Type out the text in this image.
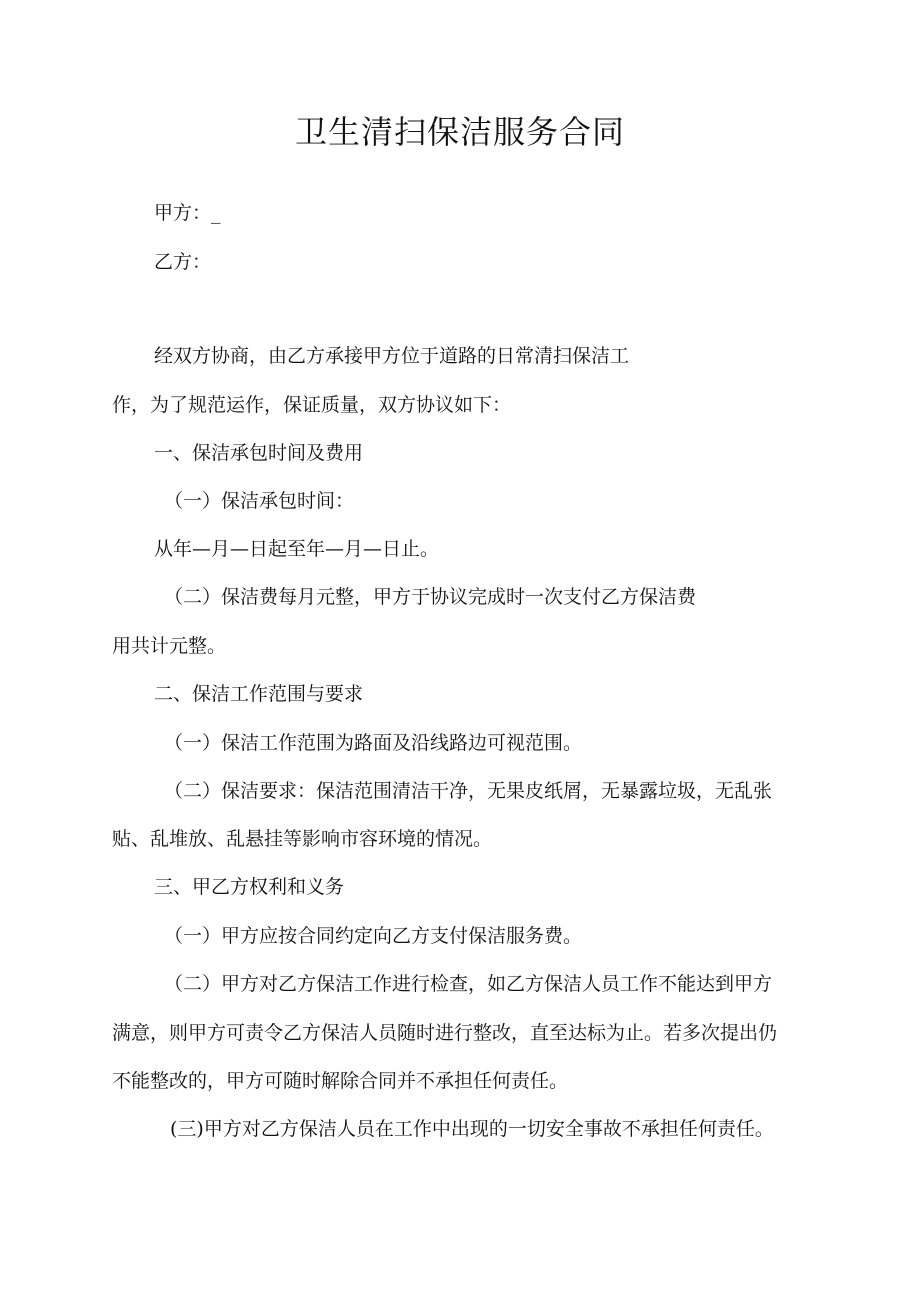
卫生清扫保洁服务合同

甲方：_

乙方：

经双方协商，由乙方承接甲方位于道路的日常清扫保洁工

作，为了规范运作，保证质量，双方协议如下：

一、保洁承包时间及费用

（一）保洁承包时间：

从年—月—日起至年—月—日止。

（二）保洁费每月元整，甲方于协议完成时一次支付乙方保洁费

用共计元整。

二、保洁工作范围与要求

（一）保洁工作范围为路面及沿线路边可视范围。

（二）保洁要求：保洁范围清洁干净，无果皮纸屑，无暴露垃圾，无乱张

贴、乱堆放、乱悬挂等影响市容环境的情况。

三、甲乙方权利和义务

（一）甲方应按合同约定向乙方支付保洁服务费。

（二）甲方对乙方保洁工作进行检查，如乙方保洁人员工作不能达到甲方

满意，则甲方可责令乙方保洁人员随时进行整改，直至达标为止。若多次提出仍

不能整改的，甲方可随时解除合同并不承担任何责任。

(三)甲方对乙方保洁人员在工作中出现的一切安全事故不承担任何责任。
